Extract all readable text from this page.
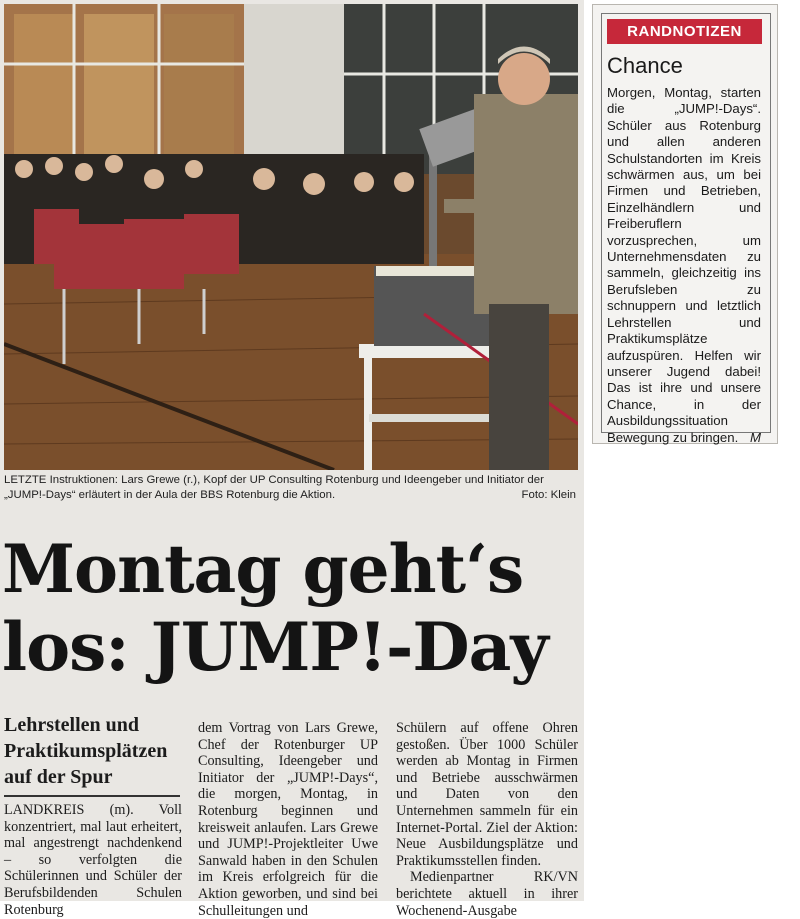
LETZTE Instruktionen: Lars Grewe (r.), Kopf der UP Consulting Rotenburg und Ideengeber und Initiator der „JUMP!-Days“ erläutert in der Aula der BBS Rotenburg die Aktion.	Foto: Klein
Montag geht‘s
los: JUMP!-Day
Lehrstellen und Praktikumsplätzen auf der Spur

LANDKREIS (m). Voll konzentriert, mal laut erheitert, mal angestrengt nachdenkend – so verfolgten die Schülerinnen und Schüler der Berufsbildenden Schulen Rotenburg

dem Vortrag von Lars Grewe, Chef der Rotenburger UP Consulting, Ideengeber und Initiator der „JUMP!-Days“, die morgen, Montag, in Rotenburg beginnen und kreisweit anlaufen. Lars Grewe und JUMP!-Projektleiter Uwe Sanwald haben in den Schulen im Kreis erfolgreich für die Aktion geworben, und sind bei Schulleitungen und

Schülern auf offene Ohren gestoßen. Über 1000 Schüler werden ab Montag in Firmen und Betriebe ausschwärmen und Daten von den Unternehmen sammeln für ein Internet-Portal. Ziel der Aktion: Neue Ausbildungsplätze und Praktikumsstellen finden.

Medienpartner RK/VN berichtete aktuell in ihrer Wochenend-Ausgabe

RANDNOTIZEN
Chance
Morgen, Montag, starten die „JUMP!-Days“. Schüler aus Rotenburg und allen anderen Schulstandorten im Kreis schwärmen aus, um bei Firmen und Betrieben, Einzelhändlern und Freiberuflern vorzusprechen, um Unternehmensdaten zu sammeln, gleichzeitig ins Berufsleben zu schnuppern und letztlich Lehrstellen und Praktikumsplätze aufzuspüren. Helfen wir unserer Jugend dabei! Das ist ihre und unsere Chance, in der Ausbildungssituation Bewegung zu bringen. M
